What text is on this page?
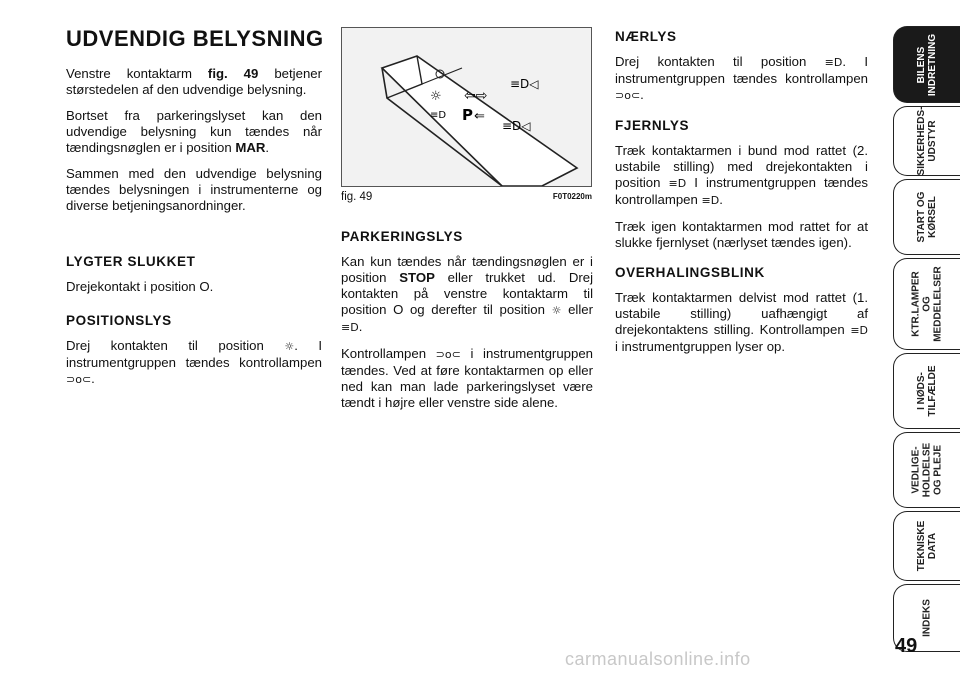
UDVENDIG BELYSNING

Venstre kontaktarm fig. 49 betjener størstedelen af den udvendige belysning.

Bortset fra parkeringslyset kan den udvendige belysning kun tændes når tændingsnøglen er i position MAR.

Sammen med den udvendige belysning tændes belysningen i instrumenterne og diverse betjeningsanordninger.

LYGTER SLUKKET

Drejekontakt i position O.

POSITIONSLYS

Drej kontakten til position ☼. I instrumentgruppen tændes kontrollampen ⊃o⊂.

☼
≡D
⇦⇨
P ⇐
≡D◁
≡D◁
fig. 49	F0T0220m
PARKERINGSLYS

Kan kun tændes når tændingsnøglen er i position STOP eller trukket ud. Drej kontakten på venstre kontaktarm til position O og derefter til position ☼ eller ≡D.

Kontrollampen ⊃o⊂ i instrumentgruppen tændes. Ved at føre kontaktarmen op eller ned kan man lade parkeringslyset være tændt i højre eller venstre side alene.

NÆRLYS

Drej kontakten til position ≡D. I instrumentgruppen tændes kontrollampen ⊃o⊂.

FJERNLYS

Træk kontaktarmen i bund mod rattet (2. ustabile stilling) med drejekontakten i position ≡D I instrumentgruppen tændes kontrollampen ≡D.

Træk igen kontaktarmen mod rattet for at slukke fjernlyset (nærlyset tændes igen).

OVERHALINGSBLINK

Træk kontaktarmen delvist mod rattet (1. ustabile stilling) uafhængigt af drejekontaktens stilling. Kontrollampen ≡D i instrumentgruppen lyser op.

BILENS
INDRETNING
SIKKERHEDS-
UDSTYR
START OG
KØRSEL
KTR.LAMPER
OG
MEDDELELSER
I NØDS-
TILFÆLDE
VEDLIGE-
HOLDELSE
OG PLEJE
TEKNISKE
DATA
INDEKS
49
carmanualsonline.info
